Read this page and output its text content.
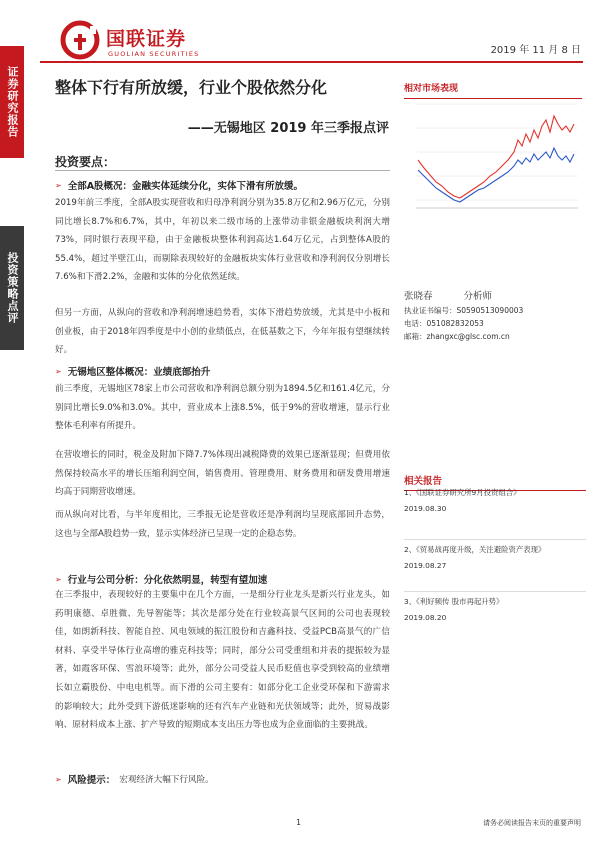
国联证券
GUOLIAN SECURITIES	2019 年 11 月 8 日
证券研究报告
投资策略点评
整体下行有所放缓，行业个股依然分化
——无锡地区 2019 年三季报点评
相对市场表现
投资要点：
➢ 全部A股概况：金融实体延续分化，实体下滑有所放缓。
2019年前三季度，全部A股实现营收和归母净利润分别为35.8万亿和2.96万亿元，分别同比增长8.7%和6.7%，其中，年初以来二级市场的上涨带动非银金融板块利润大增73%，同时银行表现平稳，由于金融板块整体利润高达1.64万亿元，占到整体A股的55.4%，超过半壁江山，而剔除表现较好的金融板块实体行业营收和净利润仅分别增长7.6%和下滑2.2%，金融和实体的分化依然延续。
但另一方面，从纵向的营收和净利润增速趋势看，实体下滑趋势放缓，尤其是中小板和创业板，由于2018年四季度是中小创的业绩低点，在低基数之下，今年年报有望继续转好。
➢ 无锡地区整体概况：业绩底部抬升
前三季度，无锡地区78家上市公司营收和净利润总额分别为1894.5亿和161.4亿元，分别同比增长9.0%和3.0%。其中，营业成本上涨8.5%，低于9%的营收增速，显示行业整体毛利率有所提升。
在营收增长的同时，税金及附加下降7.7%体现出减税降费的效果已逐渐显现；但费用依然保持较高水平的增长压缩利润空间，销售费用、管理费用、财务费用和研发费用增速均高于同期营收增速。
而从纵向对比看，与半年度相比，三季报无论是营收还是净利润均呈现底部回升态势，这也与全部A股趋势一致，显示实体经济已呈现一定的企稳态势。
➢ 行业与公司分析：分化依然明显，转型有望加速
在三季报中，表现较好的主要集中在几个方面，一是细分行业龙头是新兴行业龙头，如药明康德、卓胜微、先导智能等；其次是部分处在行业较高景气区间的公司也表现较佳，如朗新科技、智能自控、风电领域的振江股份和吉鑫科技、受益PCB高景气的广信材料、享受半导体行业高增的雅克科技等；同时，部分公司受重组和并表的提振较为显著，如霞客环保、雪浪环境等；此外，部分公司受益人民币贬值也享受到较高的业绩增长如立霸股份、中电电机等。而下滑的公司主要有：如部分化工企业受环保和下游需求的影响较大；此外受到下游低迷影响的还有汽车产业链和光伏领域等；此外，贸易战影响、原材料成本上涨、扩产导致的短期成本支出压力等也成为企业面临的主要挑战。
➢ 风险提示： 宏观经济大幅下行风险。
张晓春	分析师
执业证书编号：S0590513090003
电话：051082832053
邮箱：zhangxc@glsc.com.cn
相关报告
1、《国联证券研究所9月投资组合》
2019.08.30
2、《贸易战再度升级，关注避险资产表现》
2019.08.27
3、《利好频传 股市再起升势》
2019.08.20
1	请务必阅读报告末页的重要声明
